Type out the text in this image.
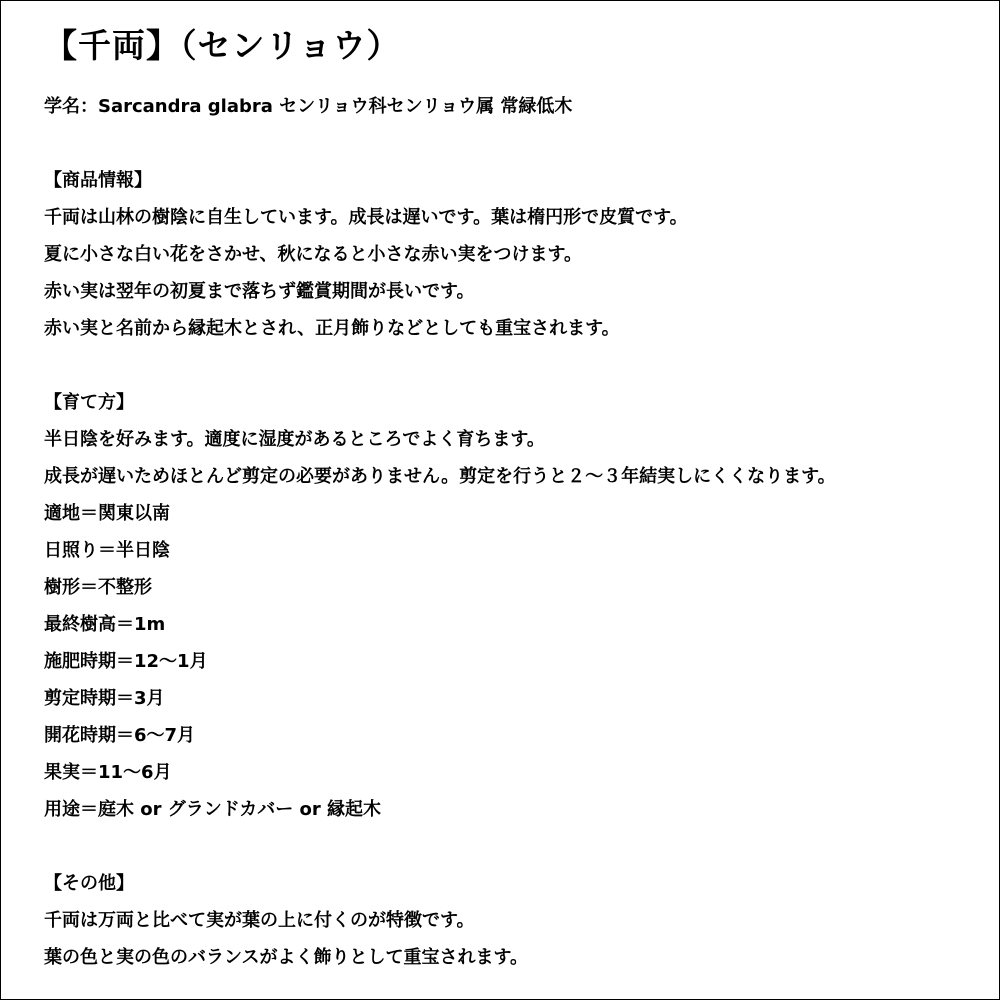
【千両】（センリョウ）

学名：Sarcandra glabra センリョウ科センリョウ属 常緑低木

【商品情報】

千両は山林の樹陰に自生しています。成長は遅いです。葉は楕円形で皮質です。

夏に小さな白い花をさかせ、秋になると小さな赤い実をつけます。

赤い実は翌年の初夏まで落ちず鑑賞期間が長いです。

赤い実と名前から縁起木とされ、正月飾りなどとしても重宝されます。

【育て方】

半日陰を好みます。適度に湿度があるところでよく育ちます。

成長が遅いためほとんど剪定の必要がありません。剪定を行うと２～３年結実しにくくなります。

適地＝関東以南

日照り＝半日陰

樹形＝不整形

最終樹高＝1m

施肥時期＝12～1月

剪定時期＝3月

開花時期＝6～7月

果実＝11～6月

用途＝庭木 or グランドカバー or 縁起木

【その他】

千両は万両と比べて実が葉の上に付くのが特徴です。

葉の色と実の色のバランスがよく飾りとして重宝されます。
